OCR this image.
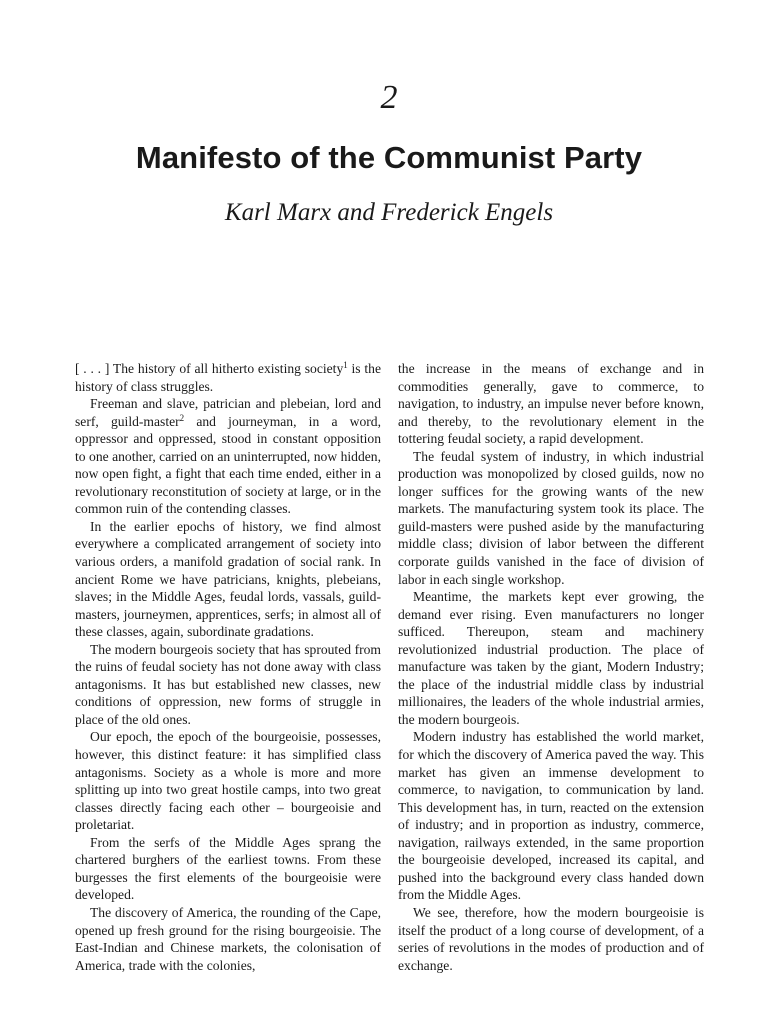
2
Manifesto of the Communist Party
Karl Marx and Frederick Engels

[ . . . ] The history of all hitherto existing society$^1$ is the history of class struggles.

Freeman and slave, patrician and plebeian, lord and serf, guild-master$^2$ and journeyman, in a word, oppressor and oppressed, stood in constant opposition to one another, carried on an uninterrupted, now hidden, now open fight, a fight that each time ended, either in a revolutionary reconstitution of society at large, or in the common ruin of the contending classes.

In the earlier epochs of history, we find almost everywhere a complicated arrangement of society into various orders, a manifold gradation of social rank. In ancient Rome we have patricians, knights, plebeians, slaves; in the Middle Ages, feudal lords, vassals, guild-masters, journeymen, apprentices, serfs; in almost all of these classes, again, subordinate gradations.

The modern bourgeois society that has sprouted from the ruins of feudal society has not done away with class antagonisms. It has but established new classes, new conditions of oppression, new forms of struggle in place of the old ones.

Our epoch, the epoch of the bourgeoisie, possesses, however, this distinct feature: it has simplified class antagonisms. Society as a whole is more and more splitting up into two great hostile camps, into two great classes directly facing each other – bourgeoisie and proletariat.

From the serfs of the Middle Ages sprang the chartered burghers of the earliest towns. From these burgesses the first elements of the bourgeoisie were developed.

The discovery of America, the rounding of the Cape, opened up fresh ground for the rising bourgeoisie. The East-Indian and Chinese markets, the colonisation of America, trade with the colonies,

the increase in the means of exchange and in commodities generally, gave to commerce, to navigation, to industry, an impulse never before known, and thereby, to the revolutionary element in the tottering feudal society, a rapid development.

The feudal system of industry, in which industrial production was monopolized by closed guilds, now no longer suffices for the growing wants of the new markets. The manufacturing system took its place. The guild-masters were pushed aside by the manufacturing middle class; division of labor between the different corporate guilds vanished in the face of division of labor in each single workshop.

Meantime, the markets kept ever growing, the demand ever rising. Even manufacturers no longer sufficed. Thereupon, steam and machinery revolutionized industrial production. The place of manufacture was taken by the giant, Modern Industry; the place of the industrial middle class by industrial millionaires, the leaders of the whole industrial armies, the modern bourgeois.

Modern industry has established the world market, for which the discovery of America paved the way. This market has given an immense development to commerce, to navigation, to communication by land. This development has, in turn, reacted on the extension of industry; and in proportion as industry, commerce, navigation, railways extended, in the same proportion the bourgeoisie developed, increased its capital, and pushed into the background every class handed down from the Middle Ages.

We see, therefore, how the modern bourgeoisie is itself the product of a long course of development, of a series of revolutions in the modes of production and of exchange.
